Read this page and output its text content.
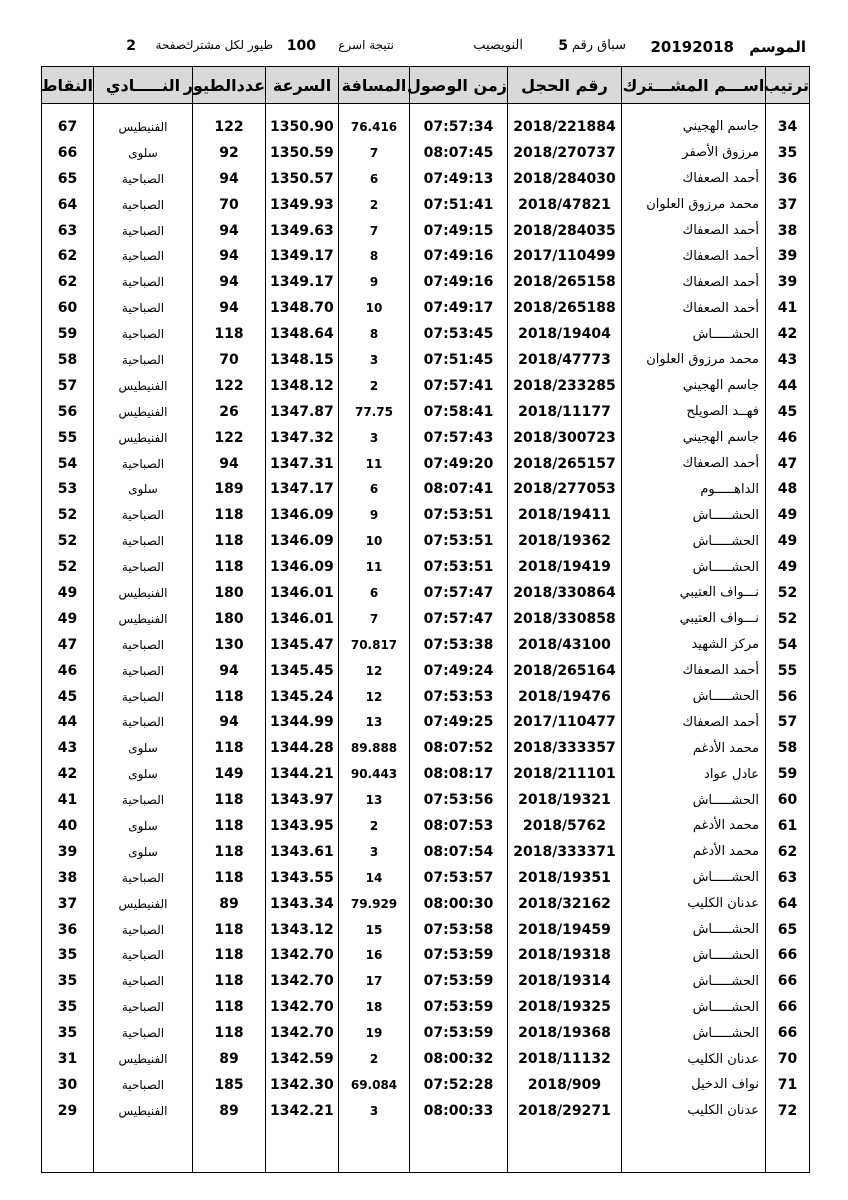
الموسم
20192018
سباق رقم
5
النويصيب
نتيجة اسرع
100
طيور لكل مشترك
صفحة
2
ترتيب	اســـم المشـــترك	رقم الحجل	زمن الوصول	المسافة	السرعة	عددالطيور	النـــــادي	النقاط

34	جاسم الهجيني	2018/221884	07:57:34	76.416	1350.90	122	الفنيطيس	67
35	مرزوق الأصفر	2018/270737	08:07:45	7	1350.59	92	سلوى	66
36	أحمد الصعفاك	2018/284030	07:49:13	6	1350.57	94	الصباحية	65
37	محمد مرزوق العلوان	2018/47821	07:51:41	2	1349.93	70	الصباحية	64
38	أحمد الصعفاك	2018/284035	07:49:15	7	1349.63	94	الصباحية	63
39	أحمد الصعفاك	2017/110499	07:49:16	8	1349.17	94	الصباحية	62
39	أحمد الصعفاك	2018/265158	07:49:16	9	1349.17	94	الصباحية	62
41	أحمد الصعفاك	2018/265188	07:49:17	10	1348.70	94	الصباحية	60
42	الحشـــــاش	2018/19404	07:53:45	8	1348.64	118	الصباحية	59
43	محمد مرزوق العلوان	2018/47773	07:51:45	3	1348.15	70	الصباحية	58
44	جاسم الهجيني	2018/233285	07:57:41	2	1348.12	122	الفنيطيس	57
45	فهــد الصويلح	2018/11177	07:58:41	77.75	1347.87	26	الفنيطيس	56
46	جاسم الهجيني	2018/300723	07:57:43	3	1347.32	122	الفنيطيس	55
47	أحمد الصعفاك	2018/265157	07:49:20	11	1347.31	94	الصباحية	54
48	الداهـــــوم	2018/277053	08:07:41	6	1347.17	189	سلوى	53
49	الحشـــــاش	2018/19411	07:53:51	9	1346.09	118	الصباحية	52
49	الحشـــــاش	2018/19362	07:53:51	10	1346.09	118	الصباحية	52
49	الحشـــــاش	2018/19419	07:53:51	11	1346.09	118	الصباحية	52
52	نـــواف العتيبي	2018/330864	07:57:47	6	1346.01	180	الفنيطيس	49
52	نـــواف العتيبي	2018/330858	07:57:47	7	1346.01	180	الفنيطيس	49
54	مركز الشهيد	2018/43100	07:53:38	70.817	1345.47	130	الصباحية	47
55	أحمد الصعفاك	2018/265164	07:49:24	12	1345.45	94	الصباحية	46
56	الحشـــــاش	2018/19476	07:53:53	12	1345.24	118	الصباحية	45
57	أحمد الصعفاك	2017/110477	07:49:25	13	1344.99	94	الصباحية	44
58	محمد الأدغم	2018/333357	08:07:52	89.888	1344.28	118	سلوى	43
59	عادل عواد	2018/211101	08:08:17	90.443	1344.21	149	سلوى	42
60	الحشـــــاش	2018/19321	07:53:56	13	1343.97	118	الصباحية	41
61	محمد الأدغم	2018/5762	08:07:53	2	1343.95	118	سلوى	40
62	محمد الأدغم	2018/333371	08:07:54	3	1343.61	118	سلوى	39
63	الحشـــــاش	2018/19351	07:53:57	14	1343.55	118	الصباحية	38
64	عدنان الكليب	2018/32162	08:00:30	79.929	1343.34	89	الفنيطيس	37
65	الحشـــــاش	2018/19459	07:53:58	15	1343.12	118	الصباحية	36
66	الحشـــــاش	2018/19318	07:53:59	16	1342.70	118	الصباحية	35
66	الحشـــــاش	2018/19314	07:53:59	17	1342.70	118	الصباحية	35
66	الحشـــــاش	2018/19325	07:53:59	18	1342.70	118	الصباحية	35
66	الحشـــــاش	2018/19368	07:53:59	19	1342.70	118	الصباحية	35
70	عدنان الكليب	2018/11132	08:00:32	2	1342.59	89	الفنيطيس	31
71	نواف الدخيل	2018/909	07:52:28	69.084	1342.30	185	الصباحية	30
72	عدنان الكليب	2018/29271	08:00:33	3	1342.21	89	الفنيطيس	29
